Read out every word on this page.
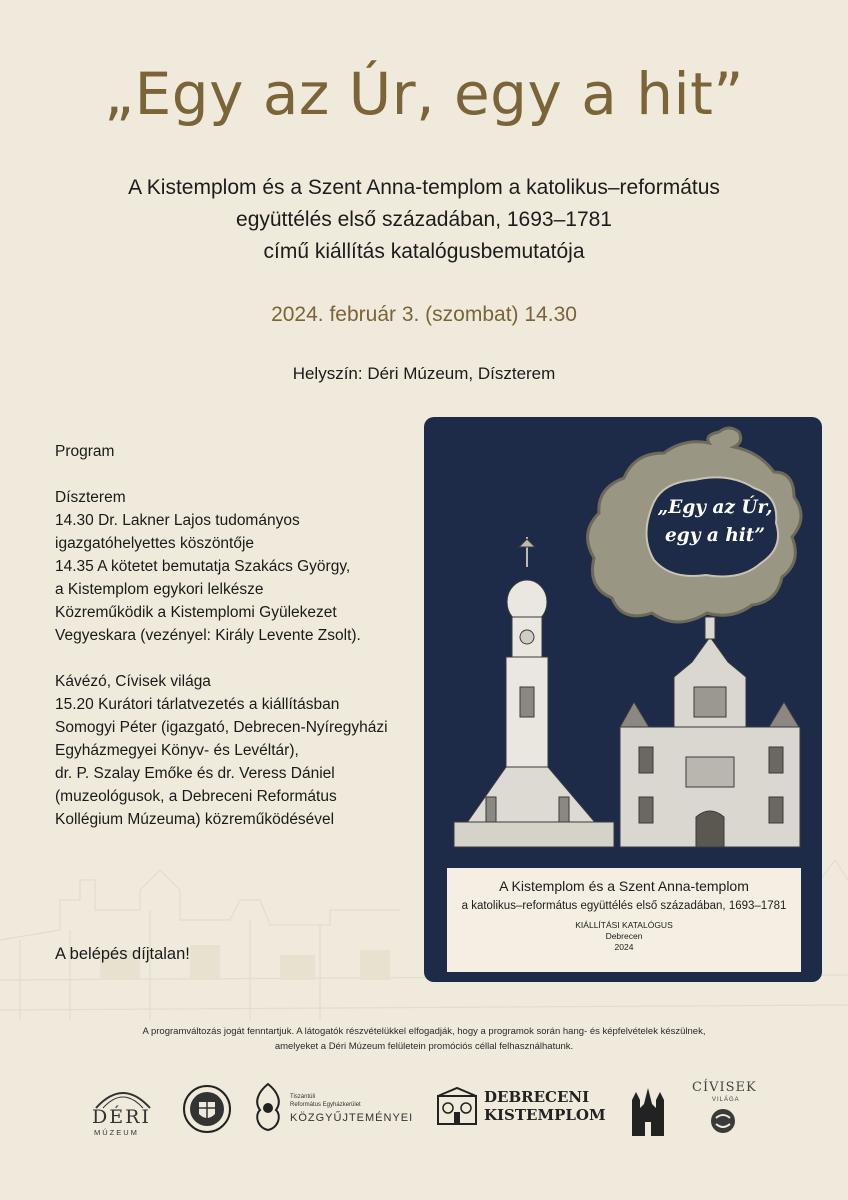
„Egy az Úr, egy a hit”
A Kistemplom és a Szent Anna-templom a katolikus–református
együttélés első századában, 1693–1781
című kiállítás katalógusbemutatója
2024. február 3. (szombat) 14.30
Helyszín: Déri Múzeum, Díszterem
Program
Díszterem
14.30 Dr. Lakner Lajos tudományos
igazgatóhelyettes köszöntője
14.35 A kötetet bemutatja Szakács György,
a Kistemplom egykori lelkésze
Közreműködik a Kistemplomi Gyülekezet
Vegyeskara (vezényel: Király Levente Zsolt).
Kávézó, Cívisek világa
15.20 Kurátori tárlatvezetés a kiállításban
Somogyi Péter (igazgató, Debrecen-Nyíregyházi
Egyházmegyei Könyv- és Levéltár),
dr. P. Szalay Emőke és dr. Veress Dániel
(muzeológusok, a Debreceni Református
Kollégium Múzeuma) közreműködésével
A belépés díjtalan!
„Egy az Úr,
egy a hit”
A Kistemplom és a Szent Anna-templom
a katolikus–református együttélés első századában, 1693–1781
KIÁLLÍTÁSI KATALÓGUS
Debrecen
2024
A programváltozás jogát fenntartjuk. A látogatók részvételükkel elfogadják, hogy a programok során hang- és képfelvételek készülnek,
amelyeket a Déri Múzeum felületein promóciós céllal felhasználhatunk.
DÉRI
MÚZEUM
Tiszántúli
Református Egyházkerület
KÖZGYŰJTEMÉNYEI
DEBRECENI
KISTEMPLOM
CÍVISEK
VILÁGA
